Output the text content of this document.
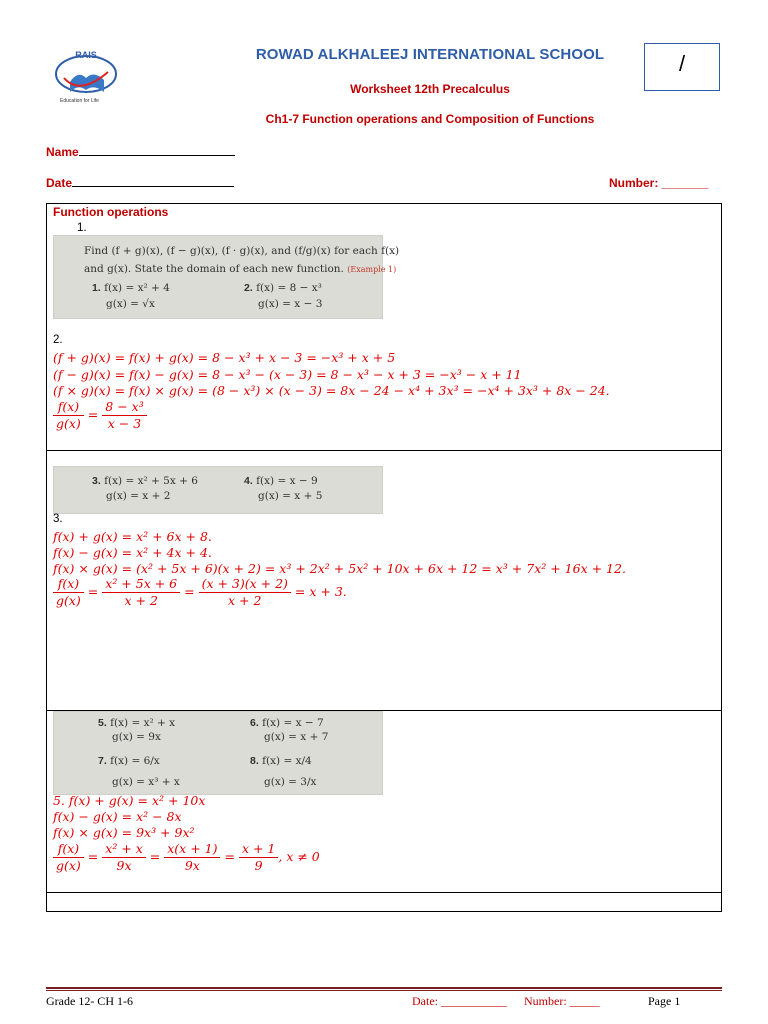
RAIS
Education for Life
ROWAD ALKHALEEJ INTERNATIONAL SCHOOL
Worksheet 12th Precalculus
Ch1-7 Function operations and Composition of Functions
/
Name
Date	Number: _______
Function operations
1.
Find (f + g)(x), (f − g)(x), (f · g)(x), and (f/g)(x) for each f(x)
and g(x). State the domain of each new function. (Example 1)
1. f(x) = x² + 4
g(x) = √x
2. f(x) = 8 − x³
g(x) = x − 3
2.
(f + g)(x) = f(x) + g(x) = 8 − x³ + x − 3 = −x³ + x + 5
(f − g)(x) = f(x) − g(x) = 8 − x³ − (x − 3) = 8 − x³ − x + 3 = −x³ − x + 11
(f × g)(x) = f(x) × g(x) = (8 − x³) × (x − 3) = 8x − 24 − x⁴ + 3x³ = −x⁴ + 3x³ + 8x − 24.
$\frac{f(x)}{g(x)} = \frac{\text{8 − x³}}{x - 3}$
3. f(x) = x² + 5x + 6
g(x) = x + 2
4. f(x) = x − 9
g(x) = x + 5
3.
f(x) + g(x) = x² + 6x + 8.
f(x) − g(x) = x² + 4x + 4.
f(x) × g(x) = (x² + 5x + 6)(x + 2) = x³ + 2x² + 5x² + 10x + 6x + 12 = x³ + 7x² + 16x + 12.
$\frac{f(x)}{g(x)} = \frac{\text{x² + 5x + 6}}{x + 2} = \frac{(x + 3)(x + 2)}{x + 2} = x + 3$.
5. f(x) = x² + x
g(x) = 9x
6. f(x) = x − 7
g(x) = x + 7
7. f(x) = 6/x
g(x) = x³ + x
8. f(x) = x/4
g(x) = 3/x
5. f(x) + g(x) = x² + 10x
f(x) − g(x) = x² − 8x
f(x) × g(x) = 9x³ + 9x²
$\frac{f(x)}{g(x)} = \frac{\text{x² + x}}{9x} = \frac{x(x + 1)}{9x} = \frac{x + 1}{9}$ , x ≠ 0
Grade 12- CH 1-6	Date: ___________ Number: _____	Page 1
